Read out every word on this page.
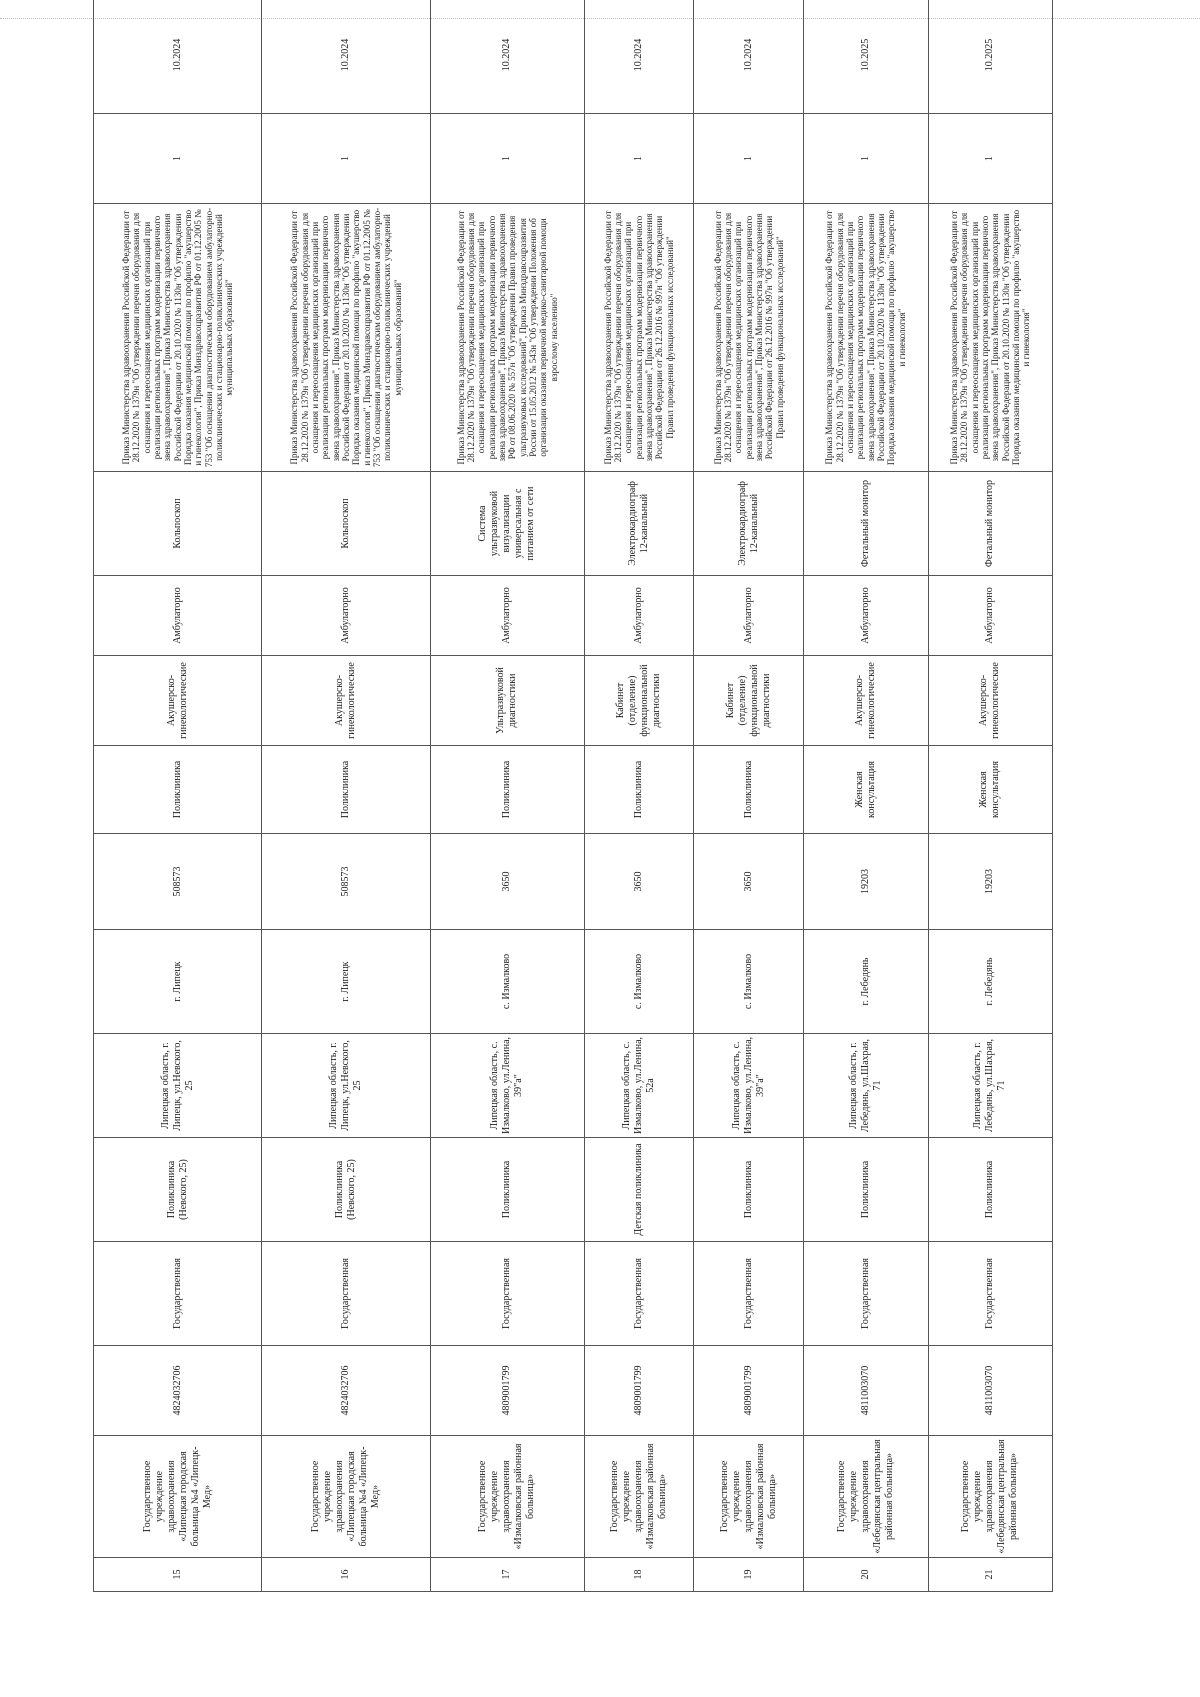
15	Государственное учреждение здравоохранения «Липецкая городская больница №4 «Липецк-Мед»	4824032706	Государственная	Поликлиника (Невского, 25)	Липецкая область, г. Липецк, ул.Невского, 25	г. Липецк	508573	Поликлиника	Акушерско-гинекологические	Амбулаторно	Кольпоскоп	Приказ Министерства здравоохранения Российской Федерации от 28.12.2020 № 1379н "Об утверждении перечня оборудования для оснащения и переоснащения медицинских организаций при реализации региональных программ модернизации первичного звена здравоохранения", Приказ Министерства здравоохранения Российской Федерации от 20.10.2020 № 1130н "Об утверждении Порядка оказания медицинской помощи по профилю "акушерство и гинекология", Приказ Минздравсоцразвития РФ от 01.12.2005 № 753 "Об оснащении диагностическим оборудованием амбулаторно-поликлинических и стационарно-поликлинических учреждений муниципальных образований"	1	10.2024
16	Государственное учреждение здравоохранения «Липецкая городская больница №4 «Липецк-Мед»	4824032706	Государственная	Поликлиника (Невского, 25)	Липецкая область, г. Липецк, ул.Невского, 25	г. Липецк	508573	Поликлиника	Акушерско-гинекологические	Амбулаторно	Кольпоскоп	Приказ Министерства здравоохранения Российской Федерации от 28.12.2020 № 1379н "Об утверждении перечня оборудования для оснащения и переоснащения медицинских организаций при реализации региональных программ модернизации первичного звена здравоохранения", Приказ Министерства здравоохранения Российской Федерации от 20.10.2020 № 1130н "Об утверждении Порядка оказания медицинской помощи по профилю "акушерство и гинекология", Приказ Минздравсоцразвития РФ от 01.12.2005 № 753 "Об оснащении диагностическим оборудованием амбулаторно-поликлинических и стационарно-поликлинических учреждений муниципальных образований"	1	10.2024
17	Государственное учреждение здравоохранения «Измалковская районная больница»	4809001799	Государственная	Поликлиника	Липецкая область, с. Измалково, ул.Ленина, 39"а"	с. Измалково	3650	Поликлиника	Ультразвуковой диагностики	Амбулаторно	Система ультразвуковой визуализации универсальная с питанием от сети	Приказ Министерства здравоохранения Российской Федерации от 28.12.2020 № 1379н "Об утверждении перечня оборудования для оснащения и переоснащения медицинских организаций при реализации региональных программ модернизации первичного звена здравоохранения", Приказ Министерства здравоохранения РФ от 08.06.2020 № 557н "Об утверждении Правил проведения ультразвуковых исследований", Приказ Минздравсоцразвития России от 15.05.2012 № 543н "Об утверждении Положения об организации оказания первичной медико-санитарной помощи взрослому населению"	1	10.2024
18	Государственное учреждение здравоохранения «Измалковская районная больница»	4809001799	Государственная	Детская поликлиника	Липецкая область, с. Измалково, ул.Ленина, 52а	с. Измалково	3650	Поликлиника	Кабинет (отделение) функциональной диагностики	Амбулаторно	Электрокардиограф 12-канальный	Приказ Министерства здравоохранения Российской Федерации от 28.12.2020 № 1379н "Об утверждении перечня оборудования для оснащения и переоснащения медицинских организаций при реализации региональных программ модернизации первичного звена здравоохранения", Приказ Министерства здравоохранения Российской Федерации от 26.12.2016 № 997н "Об утверждении Правил проведения функциональных исследований"	1	10.2024
19	Государственное учреждение здравоохранения «Измалковская районная больница»	4809001799	Государственная	Поликлиника	Липецкая область, с. Измалково, ул.Ленина, 39"а"	с. Измалково	3650	Поликлиника	Кабинет (отделение) функциональной диагностики	Амбулаторно	Электрокардиограф 12-канальный	Приказ Министерства здравоохранения Российской Федерации от 28.12.2020 № 1379н "Об утверждении перечня оборудования для оснащения и переоснащения медицинских организаций при реализации региональных программ модернизации первичного звена здравоохранения", Приказ Министерства здравоохранения Российской Федерации от 26.12.2016 № 997н "Об утверждении Правил проведения функциональных исследований"	1	10.2024
20	Государственное учреждение здравоохранения «Лебедянская центральная районная больница»	4811003070	Государственная	Поликлиника	Липецкая область, г. Лебедянь, ул.Шахрая, 71	г. Лебедянь	19203	Женская консультация	Акушерско-гинекологические	Амбулаторно	Фетальный монитор	Приказ Министерства здравоохранения Российской Федерации от 28.12.2020 № 1379н "Об утверждении перечня оборудования для оснащения и переоснащения медицинских организаций при реализации региональных программ модернизации первичного звена здравоохранения", Приказ Министерства здравоохранения Российской Федерации от 20.10.2020 № 1130н "Об утверждении Порядка оказания медицинской помощи по профилю "акушерство и гинекология"	1	10.2025
21	Государственное учреждение здравоохранения «Лебедянская центральная районная больница»	4811003070	Государственная	Поликлиника	Липецкая область, г. Лебедянь, ул.Шахрая, 71	г. Лебедянь	19203	Женская консультация	Акушерско-гинекологические	Амбулаторно	Фетальный монитор	Приказ Министерства здравоохранения Российской Федерации от 28.12.2020 № 1379н "Об утверждении перечня оборудования для оснащения и переоснащения медицинских организаций при реализации региональных программ модернизации первичного звена здравоохранения", Приказ Министерства здравоохранения Российской Федерации от 20.10.2020 № 1130н "Об утверждении Порядка оказания медицинской помощи по профилю "акушерство и гинекология"	1	10.2025
